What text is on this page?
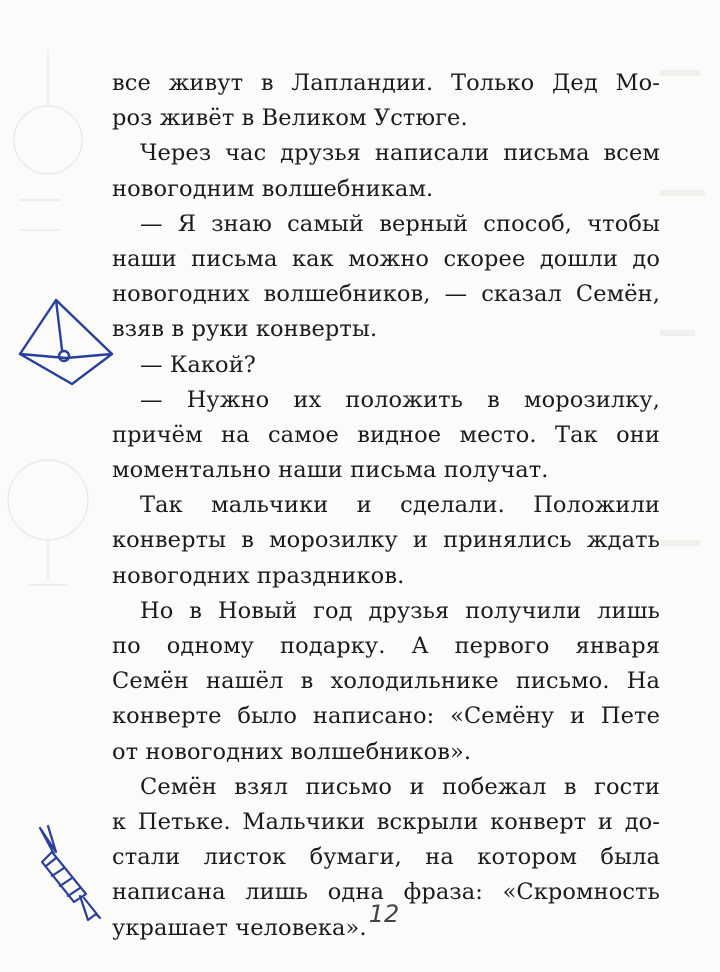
все живут в Лапландии. Только Дед Мо-
роз живёт в Великом Устюге.
Через час друзья написали письма всем
новогодним волшебникам.
— Я знаю самый верный способ, чтобы
наши письма как можно скорее дошли до
новогодних волшебников, — сказал Семён,
взяв в руки конверты.
— Какой?
— Нужно их положить в морозилку,
причём на самое видное место. Так они
моментально наши письма получат.
Так мальчики и сделали. Положили
конверты в морозилку и принялись ждать
новогодних праздников.
Но в Новый год друзья получили лишь
по одному подарку. А первого января
Семён нашёл в холодильнике письмо. На
конверте было написано: «Семёну и Пете
от новогодних волшебников».
Семён взял письмо и побежал в гости
к Петьке. Мальчики вскрыли конверт и до-
стали листок бумаги, на котором была
написана лишь одна фраза: «Скромность
украшает человека». 12
